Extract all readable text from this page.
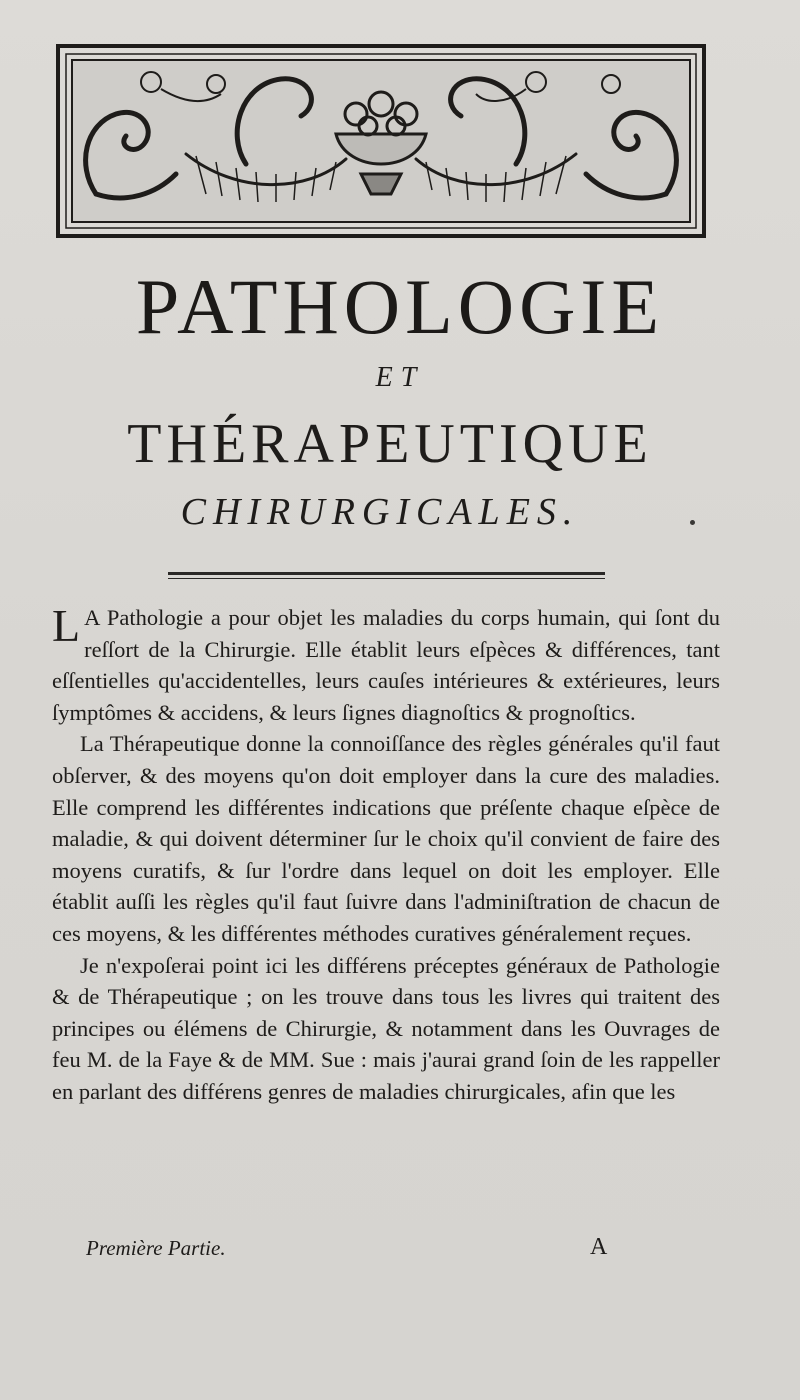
PATHOLOGIE
ET
THÉRAPEUTIQUE
CHIRURGICALES.

L A Pathologie a pour objet les maladies du corps humain, qui ſont du reſſort de la Chirurgie. Elle établit leurs eſpèces & différences, tant eſſentielles qu'accidentelles, leurs cauſes intérieures & extérieures, leurs ſymptômes & accidens, & leurs ſignes diagnoſtics & prognoſtics.

La Thérapeutique donne la connoiſſance des règles générales qu'il faut obſerver, & des moyens qu'on doit employer dans la cure des maladies. Elle comprend les différentes indications que préſente chaque eſpèce de maladie, & qui doivent déterminer ſur le choix qu'il convient de faire des moyens curatifs, & ſur l'ordre dans lequel on doit les employer. Elle établit auſſi les règles qu'il faut ſuivre dans l'adminiſtration de chacun de ces moyens, & les différentes méthodes curatives généralement reçues.

Je n'expoſerai point ici les différens préceptes généraux de Pathologie & de Thérapeutique ; on les trouve dans tous les livres qui traitent des principes ou élémens de Chirurgie, & notamment dans les Ouvrages de feu M. de la Faye & de MM. Sue : mais j'aurai grand ſoin de les rappeller en parlant des différens genres de maladies chirurgicales, afin que les

Première Partie.	A
